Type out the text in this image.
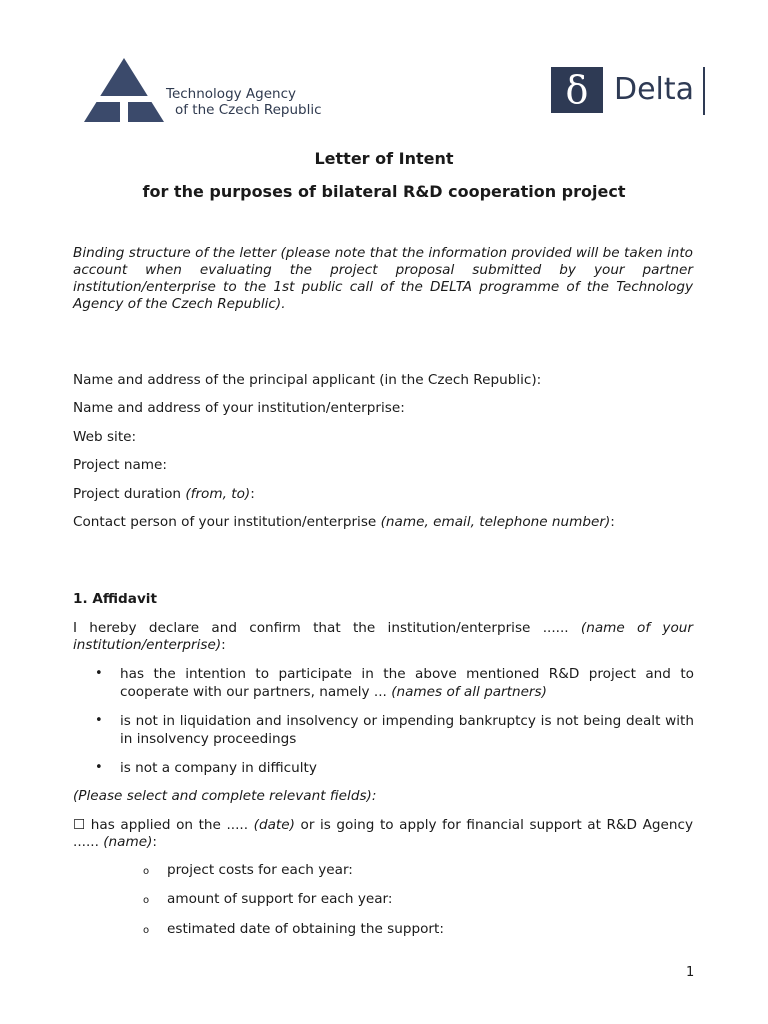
Technology Agency
of the Czech Republic	δ Delta
Letter of Intent
for the purposes of bilateral R&D cooperation project
Binding structure of the letter (please note that the information provided will be taken into account when evaluating the project proposal submitted by your partner institution/enterprise to the 1st public call of the DELTA programme of the Technology Agency of the Czech Republic).
Name and address of the principal applicant (in the Czech Republic):
Name and address of your institution/enterprise:
Web site:
Project name:
Project duration (from, to):
Contact person of your institution/enterprise (name, email, telephone number):
1. Affidavit
I hereby declare and confirm that the institution/enterprise ...... (name of your institution/enterprise):
• has the intention to participate in the above mentioned R&D project and to cooperate with our partners, namely ... (names of all partners)
• is not in liquidation and insolvency or impending bankruptcy is not being dealt with in insolvency proceedings
• is not a company in difficulty
(Please select and complete relevant fields):
☐ has applied on the ..... (date) or is going to apply for financial support at R&D Agency ...... (name):
o project costs for each year:
o amount of support for each year:
o estimated date of obtaining the support:
1
